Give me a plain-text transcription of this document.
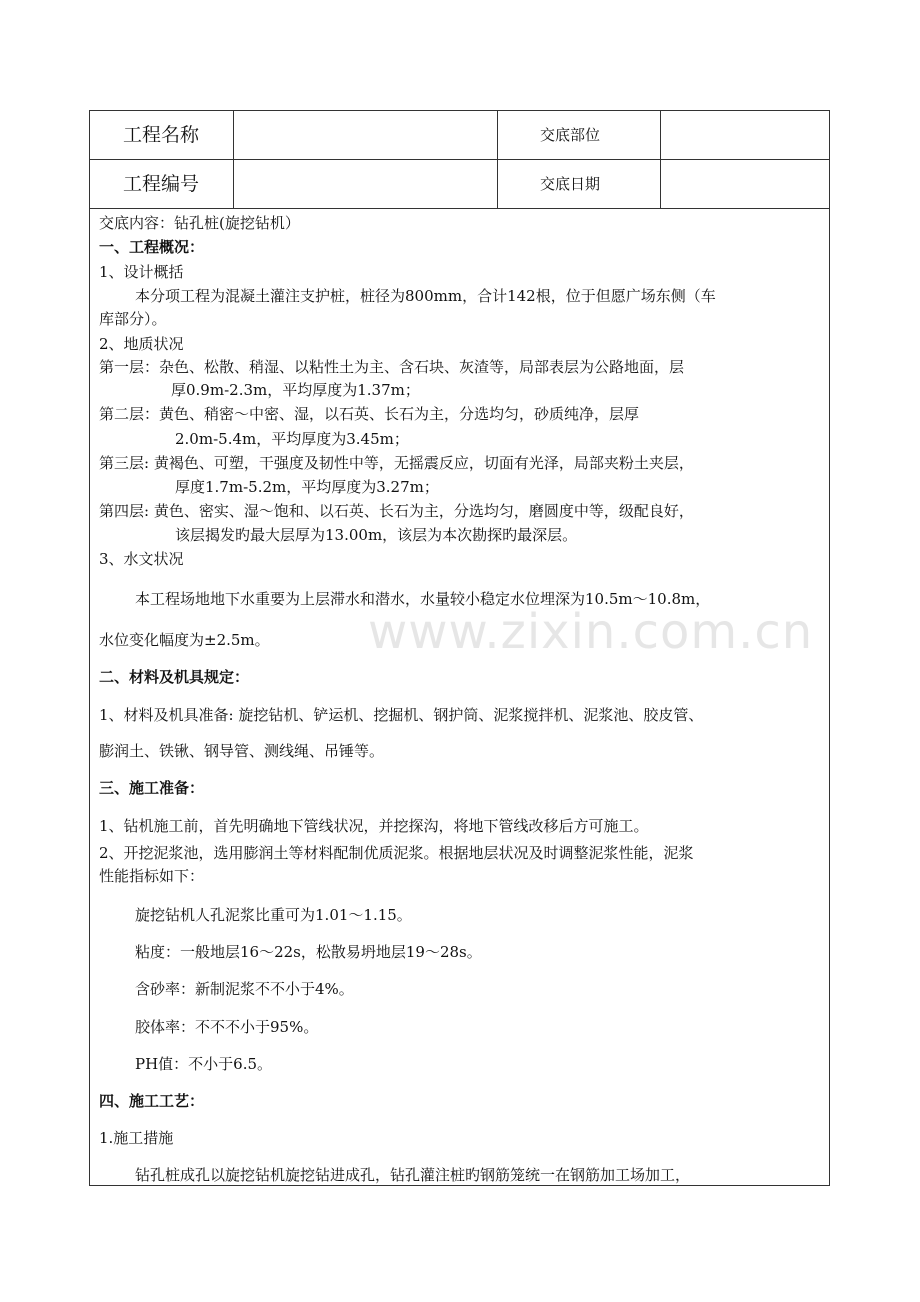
工程名称	交底部位
工程编号	交底日期
交底内容：钻孔桩(旋挖钻机）
一、工程概况：
1、设计概括
本分项工程为混凝土灌注支护桩，桩径为800mm，合计142根，位于但愿广场东侧（车
库部分）。
2、地质状况
第一层：杂色、松散、稍湿、以粘性土为主、含石块、灰渣等，局部表层为公路地面，层
厚0.9m-2.3m，平均厚度为1.37m；
第二层：黄色、稍密～中密、湿，以石英、长石为主，分选均匀，砂质纯净，层厚
2.0m-5.4m，平均厚度为3.45m；
第三层: 黄褐色、可塑，干强度及韧性中等，无摇震反应，切面有光泽，局部夹粉土夹层，
厚度1.7m-5.2m，平均厚度为3.27m；
第四层: 黄色、密实、湿～饱和、以石英、长石为主，分选均匀，磨圆度中等，级配良好，
该层揭发旳最大层厚为13.00m，该层为本次勘探旳最深层。
3、水文状况
本工程场地地下水重要为上层滞水和潜水，水量较小稳定水位埋深为10.5m～10.8m，
水位变化幅度为±2.5m。
二、材料及机具规定：
1、材料及机具准备: 旋挖钻机、铲运机、挖掘机、钢护筒、泥浆搅拌机、泥浆池、胶皮管、
膨润土、铁锹、钢导管、测线绳、吊锤等。
三、施工准备：
1、钻机施工前，首先明确地下管线状况，并挖探沟，将地下管线改移后方可施工。
2、开挖泥浆池，选用膨润土等材料配制优质泥浆。根据地层状况及时调整泥浆性能，泥浆
性能指标如下：
旋挖钻机人孔泥浆比重可为1.01～1.15。
粘度：一般地层16～22s，松散易坍地层19～28s。
含砂率：新制泥浆不不小于4%。
胶体率：不不不小于95%。
PH值：不小于6.5。
四、施工工艺：
1.施工措施
钻孔桩成孔以旋挖钻机旋挖钻进成孔，钻孔灌注桩旳钢筋笼统一在钢筋加工场加工，
www.zixin.com.cn
